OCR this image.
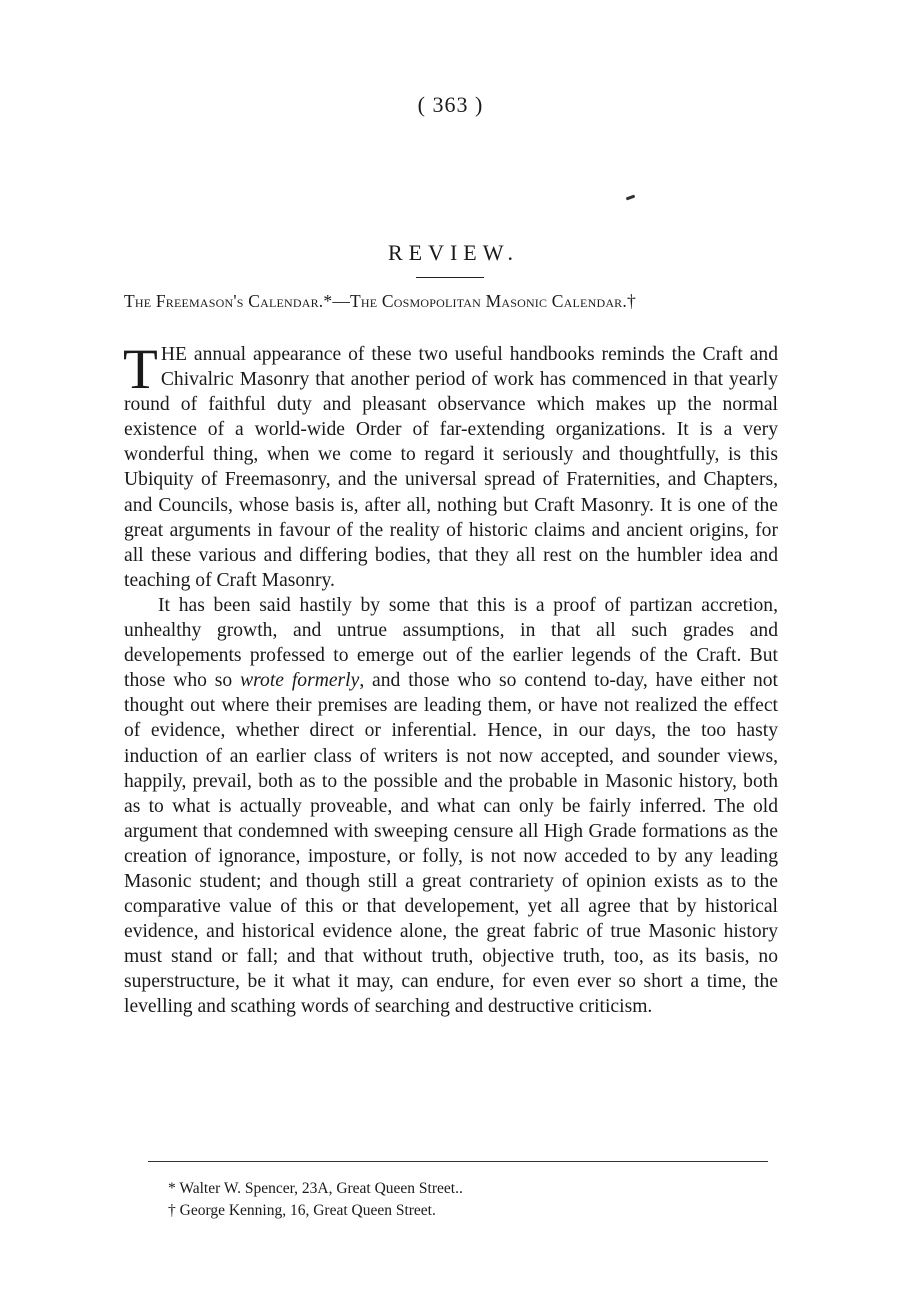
( 363 )
REVIEW.
The Freemason's Calendar.*—The Cosmopolitan Masonic Calendar.†

THE annual appearance of these two useful handbooks reminds the Craft and Chivalric Masonry that another period of work has commenced in that yearly round of faithful duty and pleasant observance which makes up the normal existence of a world-wide Order of far-extending organizations. It is a very wonderful thing, when we come to regard it seriously and thoughtfully, is this Ubiquity of Freemasonry, and the universal spread of Fraternities, and Chapters, and Councils, whose basis is, after all, nothing but Craft Masonry. It is one of the great arguments in favour of the reality of historic claims and ancient origins, for all these various and differing bodies, that they all rest on the humbler idea and teaching of Craft Masonry.

It has been said hastily by some that this is a proof of partizan accretion, unhealthy growth, and untrue assumptions, in that all such grades and developements professed to emerge out of the earlier legends of the Craft. But those who so wrote formerly, and those who so contend to-day, have either not thought out where their premises are leading them, or have not realized the effect of evidence, whether direct or inferential. Hence, in our days, the too hasty induction of an earlier class of writers is not now accepted, and sounder views, happily, prevail, both as to the possible and the probable in Masonic history, both as to what is actually proveable, and what can only be fairly inferred. The old argument that condemned with sweeping censure all High Grade formations as the creation of ignorance, imposture, or folly, is not now acceded to by any leading Masonic student; and though still a great contrariety of opinion exists as to the comparative value of this or that developement, yet all agree that by historical evidence, and historical evidence alone, the great fabric of true Masonic history must stand or fall; and that without truth, objective truth, too, as its basis, no superstructure, be it what it may, can endure, for even ever so short a time, the levelling and scathing words of searching and destructive criticism.

* Walter W. Spencer, 23A, Great Queen Street..

† George Kenning, 16, Great Queen Street.
